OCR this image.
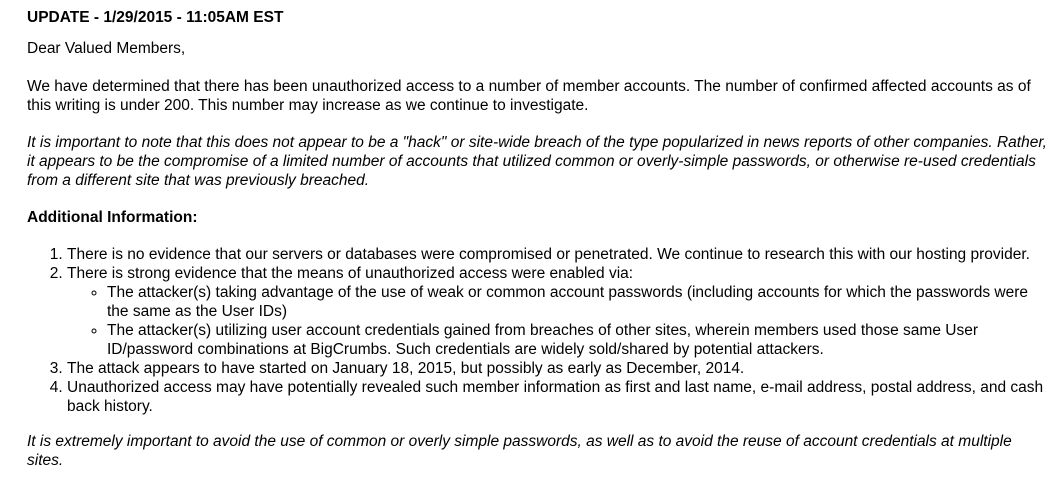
UPDATE - 1/29/2015 - 11:05AM EST

Dear Valued Members,

We have determined that there has been unauthorized access to a number of member accounts. The number of confirmed affected accounts as of this writing is under 200. This number may increase as we continue to investigate.

It is important to note that this does not appear to be a "hack" or site-wide breach of the type popularized in news reports of other companies. Rather, it appears to be the compromise of a limited number of accounts that utilized common or overly-simple passwords, or otherwise re-used credentials from a different site that was previously breached.

Additional Information:
1. There is no evidence that our servers or databases were compromised or penetrated. We continue to research this with our hosting provider.
2. There is strong evidence that the means of unauthorized access were enabled via:
◦ The attacker(s) taking advantage of the use of weak or common account passwords (including accounts for which the passwords were the same as the User IDs)
◦ The attacker(s) utilizing user account credentials gained from breaches of other sites, wherein members used those same User ID/password combinations at BigCrumbs. Such credentials are widely sold/shared by potential attackers.
3. The attack appears to have started on January 18, 2015, but possibly as early as December, 2014.
4. Unauthorized access may have potentially revealed such member information as first and last name, e-mail address, postal address, and cash back history.

It is extremely important to avoid the use of common or overly simple passwords, as well as to avoid the reuse of account credentials at multiple sites.
